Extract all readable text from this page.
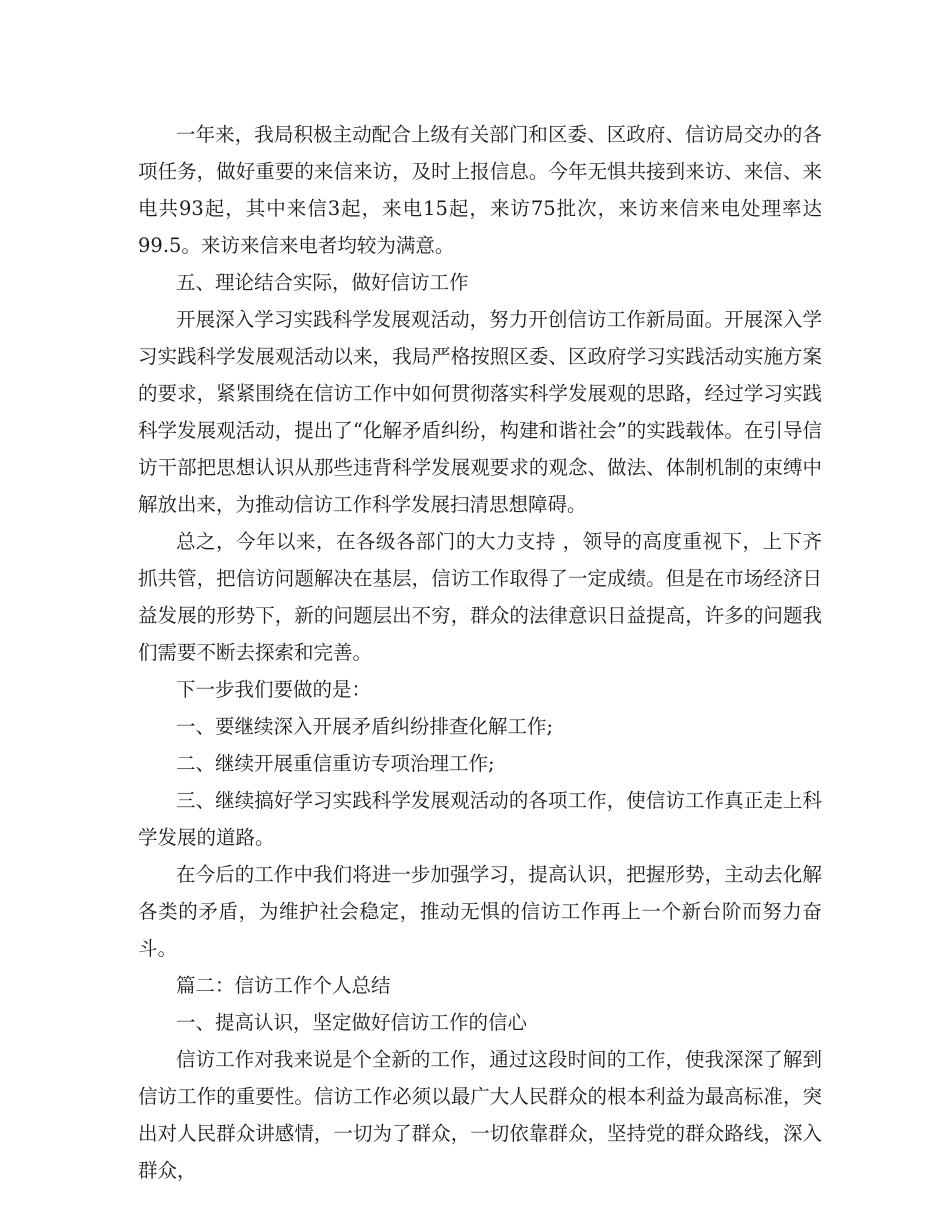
一年来，我局积极主动配合上级有关部门和区委、区政府、信访局交办的各项任务，做好重要的来信来访，及时上报信息。今年无惧共接到来访、来信、来电共93起，其中来信3起，来电15起，来访75批次，来访来信来电处理率达99.5。来访来信来电者均较为满意。

五、理论结合实际，做好信访工作

开展深入学习实践科学发展观活动，努力开创信访工作新局面。开展深入学习实践科学发展观活动以来，我局严格按照区委、区政府学习实践活动实施方案的要求，紧紧围绕在信访工作中如何贯彻落实科学发展观的思路，经过学习实践科学发展观活动，提出了“化解矛盾纠纷，构建和谐社会”的实践载体。在引导信访干部把思想认识从那些违背科学发展观要求的观念、做法、体制机制的束缚中解放出来，为推动信访工作科学发展扫清思想障碍。

总之，今年以来，在各级各部门的大力支持 ，领导的高度重视下，上下齐抓共管，把信访问题解决在基层，信访工作取得了一定成绩。但是在市场经济日益发展的形势下，新的问题层出不穷，群众的法律意识日益提高，许多的问题我们需要不断去探索和完善。

下一步我们要做的是：

一、要继续深入开展矛盾纠纷排查化解工作;

二、继续开展重信重访专项治理工作;

三、继续搞好学习实践科学发展观活动的各项工作，使信访工作真正走上科学发展的道路。

在今后的工作中我们将进一步加强学习，提高认识，把握形势，主动去化解各类的矛盾，为维护社会稳定，推动无惧的信访工作再上一个新台阶而努力奋斗。

篇二：信访工作个人总结

一、提高认识，坚定做好信访工作的信心

信访工作对我来说是个全新的工作，通过这段时间的工作，使我深深了解到信访工作的重要性。信访工作必须以最广大人民群众的根本利益为最高标准，突出对人民群众讲感情，一切为了群众，一切依靠群众，坚持党的群众路线，深入群众，
